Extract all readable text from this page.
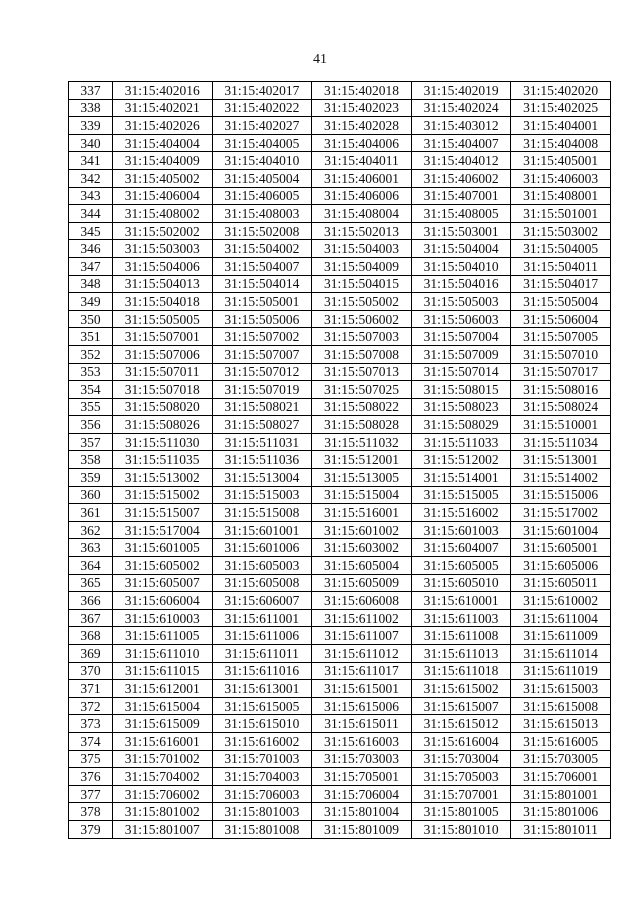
41
337	31:15:402016	31:15:402017	31:15:402018	31:15:402019	31:15:402020
338	31:15:402021	31:15:402022	31:15:402023	31:15:402024	31:15:402025
339	31:15:402026	31:15:402027	31:15:402028	31:15:403012	31:15:404001
340	31:15:404004	31:15:404005	31:15:404006	31:15:404007	31:15:404008
341	31:15:404009	31:15:404010	31:15:404011	31:15:404012	31:15:405001
342	31:15:405002	31:15:405004	31:15:406001	31:15:406002	31:15:406003
343	31:15:406004	31:15:406005	31:15:406006	31:15:407001	31:15:408001
344	31:15:408002	31:15:408003	31:15:408004	31:15:408005	31:15:501001
345	31:15:502002	31:15:502008	31:15:502013	31:15:503001	31:15:503002
346	31:15:503003	31:15:504002	31:15:504003	31:15:504004	31:15:504005
347	31:15:504006	31:15:504007	31:15:504009	31:15:504010	31:15:504011
348	31:15:504013	31:15:504014	31:15:504015	31:15:504016	31:15:504017
349	31:15:504018	31:15:505001	31:15:505002	31:15:505003	31:15:505004
350	31:15:505005	31:15:505006	31:15:506002	31:15:506003	31:15:506004
351	31:15:507001	31:15:507002	31:15:507003	31:15:507004	31:15:507005
352	31:15:507006	31:15:507007	31:15:507008	31:15:507009	31:15:507010
353	31:15:507011	31:15:507012	31:15:507013	31:15:507014	31:15:507017
354	31:15:507018	31:15:507019	31:15:507025	31:15:508015	31:15:508016
355	31:15:508020	31:15:508021	31:15:508022	31:15:508023	31:15:508024
356	31:15:508026	31:15:508027	31:15:508028	31:15:508029	31:15:510001
357	31:15:511030	31:15:511031	31:15:511032	31:15:511033	31:15:511034
358	31:15:511035	31:15:511036	31:15:512001	31:15:512002	31:15:513001
359	31:15:513002	31:15:513004	31:15:513005	31:15:514001	31:15:514002
360	31:15:515002	31:15:515003	31:15:515004	31:15:515005	31:15:515006
361	31:15:515007	31:15:515008	31:15:516001	31:15:516002	31:15:517002
362	31:15:517004	31:15:601001	31:15:601002	31:15:601003	31:15:601004
363	31:15:601005	31:15:601006	31:15:603002	31:15:604007	31:15:605001
364	31:15:605002	31:15:605003	31:15:605004	31:15:605005	31:15:605006
365	31:15:605007	31:15:605008	31:15:605009	31:15:605010	31:15:605011
366	31:15:606004	31:15:606007	31:15:606008	31:15:610001	31:15:610002
367	31:15:610003	31:15:611001	31:15:611002	31:15:611003	31:15:611004
368	31:15:611005	31:15:611006	31:15:611007	31:15:611008	31:15:611009
369	31:15:611010	31:15:611011	31:15:611012	31:15:611013	31:15:611014
370	31:15:611015	31:15:611016	31:15:611017	31:15:611018	31:15:611019
371	31:15:612001	31:15:613001	31:15:615001	31:15:615002	31:15:615003
372	31:15:615004	31:15:615005	31:15:615006	31:15:615007	31:15:615008
373	31:15:615009	31:15:615010	31:15:615011	31:15:615012	31:15:615013
374	31:15:616001	31:15:616002	31:15:616003	31:15:616004	31:15:616005
375	31:15:701002	31:15:701003	31:15:703003	31:15:703004	31:15:703005
376	31:15:704002	31:15:704003	31:15:705001	31:15:705003	31:15:706001
377	31:15:706002	31:15:706003	31:15:706004	31:15:707001	31:15:801001
378	31:15:801002	31:15:801003	31:15:801004	31:15:801005	31:15:801006
379	31:15:801007	31:15:801008	31:15:801009	31:15:801010	31:15:801011
